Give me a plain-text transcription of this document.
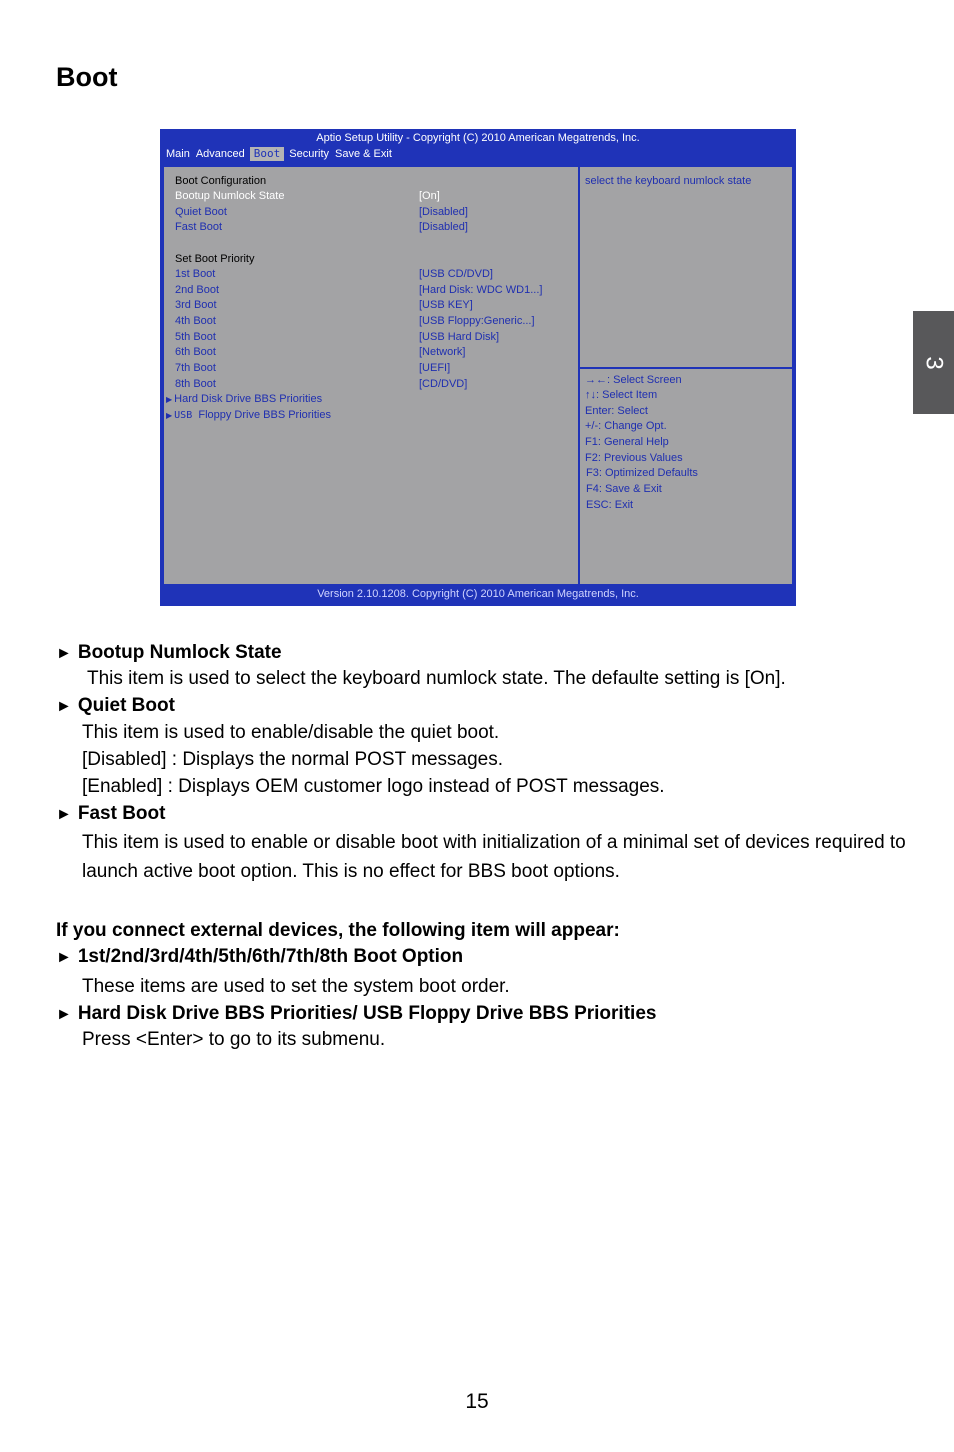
Boot
3
Aptio Setup Utility - Copyright (C) 2010 American Megatrends, Inc.
Main Advanced Boot Security Save & Exit
Boot Configuration
Bootup Numlock State	[On]
Quiet Boot	[Disabled]
Fast Boot	[Disabled]
Set Boot Priority
1st Boot	[USB CD/DVD]
2nd Boot	[Hard Disk: WDC WD1...]
3rd Boot	[USB KEY]
4th Boot	[USB Floppy:Generic...]
5th Boot	[USB Hard Disk]
6th Boot	[Network]
7th Boot	[UEFI]
8th Boot	[CD/DVD]
▶ Hard Disk Drive BBS Priorities
▶ USB Floppy Drive BBS Priorities
select the keyboard numlock state
→←: Select Screen
↑↓: Select Item
Enter: Select
+/-: Change Opt.
F1: General Help
F2: Previous Values
F3: Optimized Defaults
F4: Save & Exit
ESC: Exit
Version 2.10.1208. Copyright (C) 2010 American Megatrends, Inc.
► Bootup Numlock State
This item is used to select the keyboard numlock state. The defaulte setting is [On].
► Quiet Boot
This item is used to enable/disable the quiet boot.
[Disabled] : Displays the normal POST messages.
[Enabled] : Displays OEM customer logo instead of POST messages.
► Fast Boot
This item is used to enable or disable boot with initialization of a minimal set of devices required to launch active boot option. This is no effect for BBS boot options.
If you connect external devices, the following item will appear:
► 1st/2nd/3rd/4th/5th/6th/7th/8th Boot Option
These items are used to set the system boot order.
► Hard Disk Drive BBS Priorities/ USB Floppy Drive BBS Priorities
Press <Enter> to go to its submenu.
15
